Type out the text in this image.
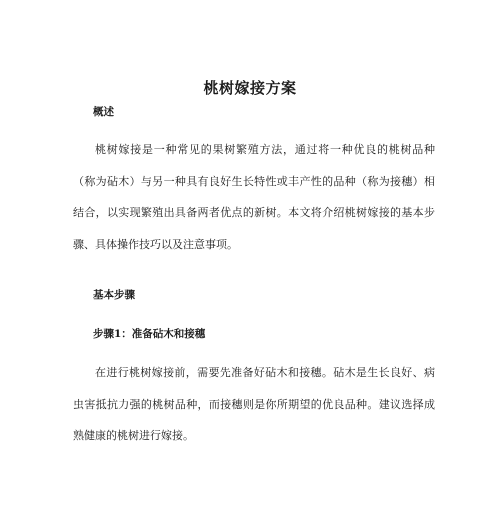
桃树嫁接方案
概述
桃树嫁接是一种常见的果树繁殖方法，通过将一种优良的桃树品种（称为砧木）与另一种具有良好生长特性或丰产性的品种（称为接穗）相结合，以实现繁殖出具备两者优点的新树。本文将介绍桃树嫁接的基本步骤、具体操作技巧以及注意事项。
基本步骤
步骤1：准备砧木和接穗
在进行桃树嫁接前，需要先准备好砧木和接穗。砧木是生长良好、病虫害抵抗力强的桃树品种，而接穗则是你所期望的优良品种。建议选择成熟健康的桃树进行嫁接。
